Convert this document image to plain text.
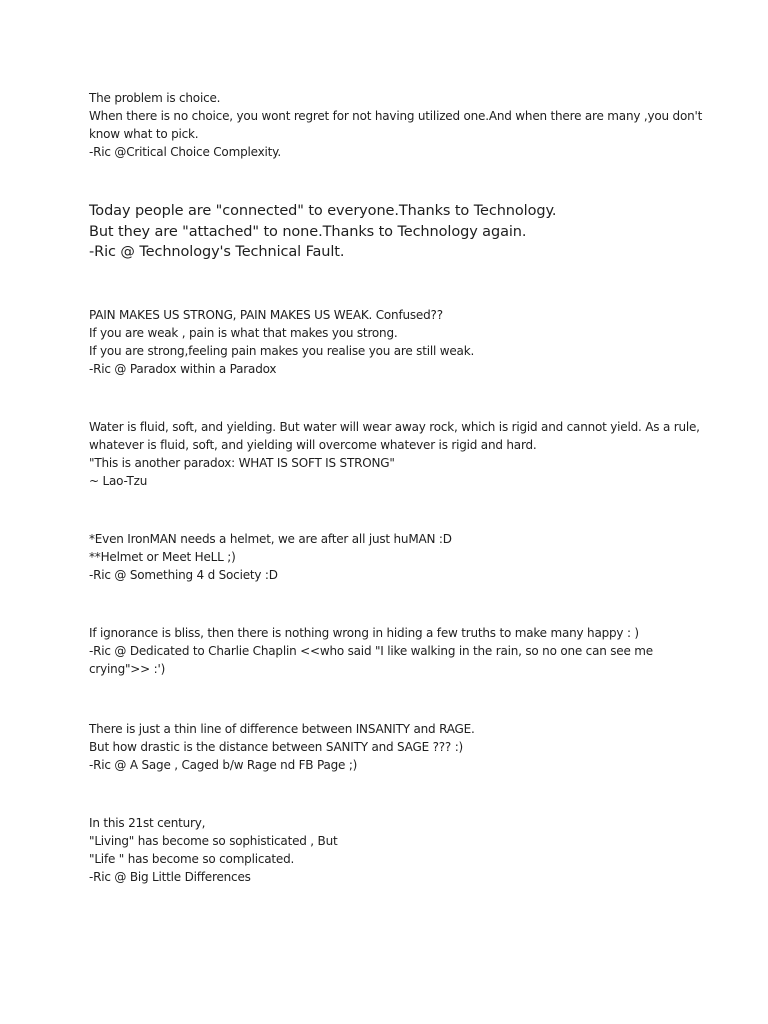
The problem is choice.
When there is no choice, you wont regret for not having utilized one.And when there are many ,you don't
know what to pick.
-Ric @Critical Choice Complexity.
Today people are "connected" to everyone.Thanks to Technology.
But they are "attached" to none.Thanks to Technology again.
-Ric @ Technology's Technical Fault.
PAIN MAKES US STRONG, PAIN MAKES US WEAK. Confused??
If you are weak , pain is what that makes you strong.
If you are strong,feeling pain makes you realise you are still weak.
-Ric @ Paradox within a Paradox
Water is fluid, soft, and yielding. But water will wear away rock, which is rigid and cannot yield. As a rule,
whatever is fluid, soft, and yielding will overcome whatever is rigid and hard.
"This is another paradox: WHAT IS SOFT IS STRONG"
~ Lao-Tzu
*Even IronMAN needs a helmet, we are after all just huMAN :D
**Helmet or Meet HeLL ;)
-Ric @ Something 4 d Society :D
If ignorance is bliss, then there is nothing wrong in hiding a few truths to make many happy : )
-Ric @ Dedicated to Charlie Chaplin <<who said "I like walking in the rain, so no one can see me
crying">> :')
There is just a thin line of difference between INSANITY and RAGE.
But how drastic is the distance between SANITY and SAGE ??? :)
-Ric @ A Sage , Caged b/w Rage nd FB Page ;)
In this 21st century,
"Living" has become so sophisticated , But
"Life " has become so complicated.
-Ric @ Big Little Differences
